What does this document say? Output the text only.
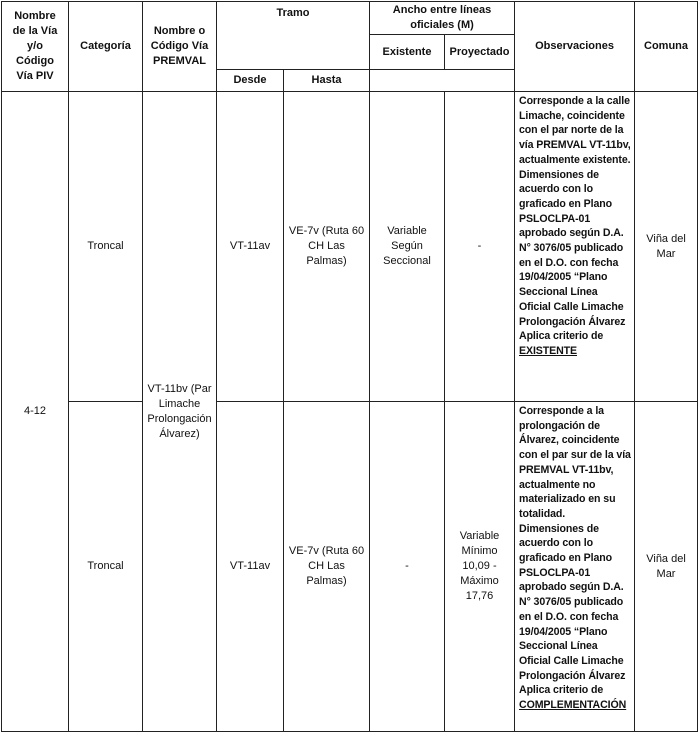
Nombre de la Vía y/o Código Vía PIV	Categoría	Nombre o Código Vía PREMVAL	Tramo		Ancho entre líneas oficiales (M)		Observaciones	Comuna
					Existente	Proyectado		
			Desde	Hasta				
4-12	Troncal	VT-11bv (Par Limache Prolongación Álvarez)	VT-11av	VE-7v (Ruta 60 CH Las Palmas)	Variable Según Seccional	-	Corresponde a la calle Limache, coincidente con el par norte de la vía PREMVAL VT-11bv, actualmente existente. Dimensiones de acuerdo con lo graficado en Plano PSLOCLPA-01 aprobado según D.A. N° 3076/05 publicado en el D.O. con fecha 19/04/2005 “Plano Seccional Línea Oficial Calle Limache Prolongación Álvarez Aplica criterio de EXISTENTE	Viña del Mar

	Troncal		VT-11av	VE-7v (Ruta 60 CH Las Palmas)	-	Variable Mínimo 10,09 - Máximo 17,76	Corresponde a la prolongación de Álvarez, coincidente con el par sur de la vía PREMVAL VT-11bv, actualmente no materializado en su totalidad. Dimensiones de acuerdo con lo graficado en Plano PSLOCLPA-01 aprobado según D.A. N° 3076/05 publicado en el D.O. con fecha 19/04/2005 “Plano Seccional Línea Oficial Calle Limache Prolongación Álvarez Aplica criterio de COMPLEMENTACIÓN	Viña del Mar
